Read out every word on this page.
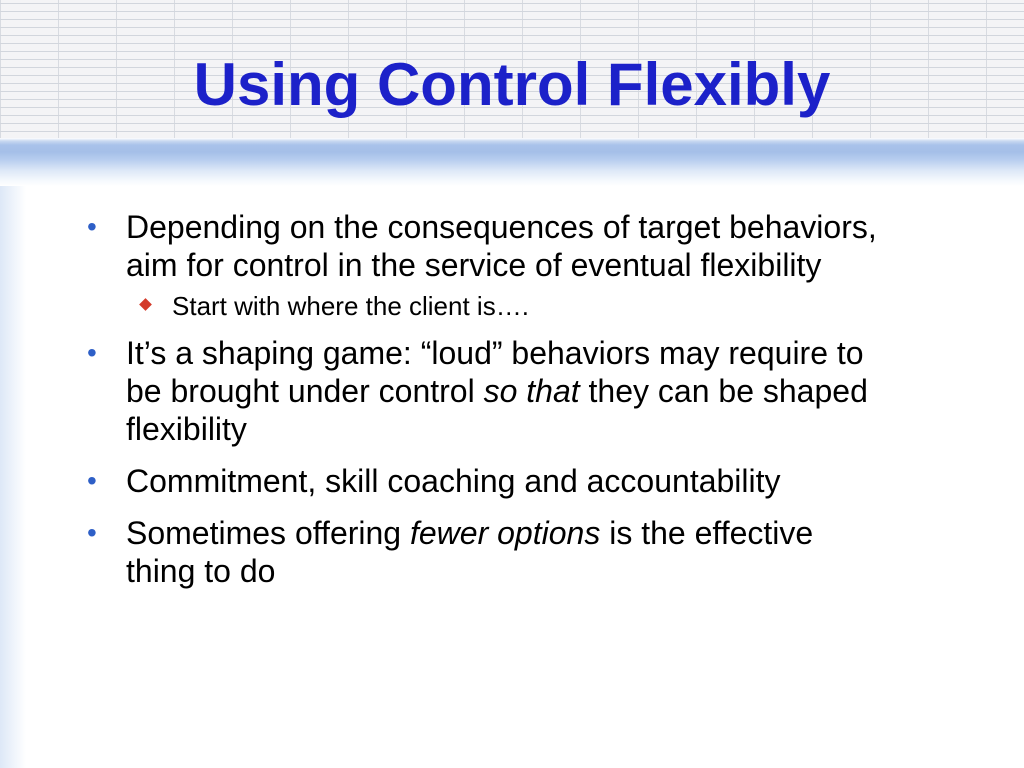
Using Control Flexibly
• Depending on the consequences of target behaviors, aim for control in the service of eventual flexibility
Start with where the client is….
• It’s a shaping game: “loud” behaviors may require to be brought under control so that they can be shaped flexibility
• Commitment, skill coaching and accountability
• Sometimes offering fewer options is the effective thing to do
